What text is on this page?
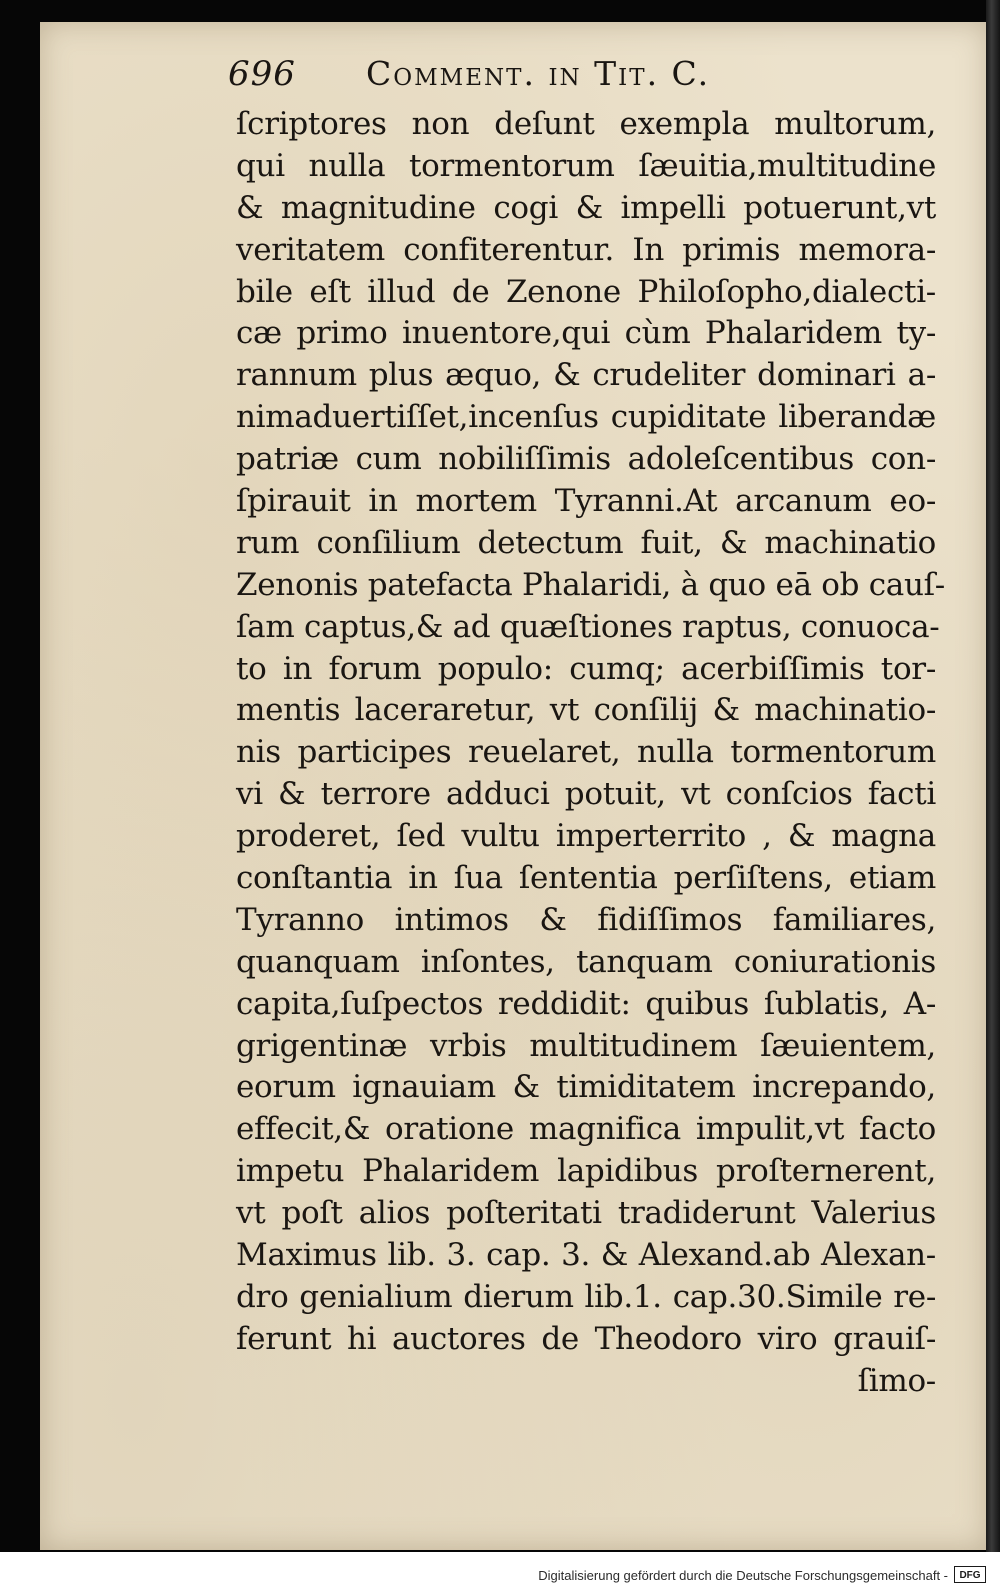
696 Comment. in Tit. C.
ſcriptores non deſunt exempla multorum,
qui nulla tormentorum ſæuitia,multitudine
& magnitudine cogi & impelli potuerunt,vt
veritatem confiterentur. In primis memora-
bile eſt illud de Zenone Philoſopho,dialecti-
cæ primo inuentore,qui cùm Phalaridem ty-
rannum plus æquo, & crudeliter dominari a-
nimaduertiſſet,incenſus cupiditate liberandæ
patriæ cum nobiliſſimis adoleſcentibus con-
ſpirauit in mortem Tyranni.At arcanum eo-
rum conſilium detectum fuit, & machinatio
Zenonis patefacta Phalaridi, à quo eā ob cauſ-
ſam captus,& ad quæſtiones raptus, conuoca-
to in forum populo: cumq; acerbiſſimis tor-
mentis laceraretur, vt conſilij & machinatio-
nis participes reuelaret, nulla tormentorum
vi & terrore adduci potuit, vt conſcios facti
proderet, ſed vultu imperterrito , & magna
conſtantia in ſua ſententia perſiſtens, etiam
Tyranno intimos & fidiſſimos familiares,
quanquam inſontes, tanquam coniurationis
capita,ſuſpectos reddidit: quibus ſublatis, A-
grigentinæ vrbis multitudinem ſæuientem,
eorum ignauiam & timiditatem increpando,
effecit,& oratione magnifica impulit,vt facto
impetu Phalaridem lapidibus proſternerent,
vt poſt alios poſteritati tradiderunt Valerius
Maximus lib. 3. cap. 3. & Alexand.ab Alexan-
dro genialium dierum lib.1. cap.30.Simile re-
ferunt hi auctores de Theodoro viro grauiſ-
ſimo-
Digitalisierung gefördert durch die Deutsche Forschungsgemeinschaft -	DFG
